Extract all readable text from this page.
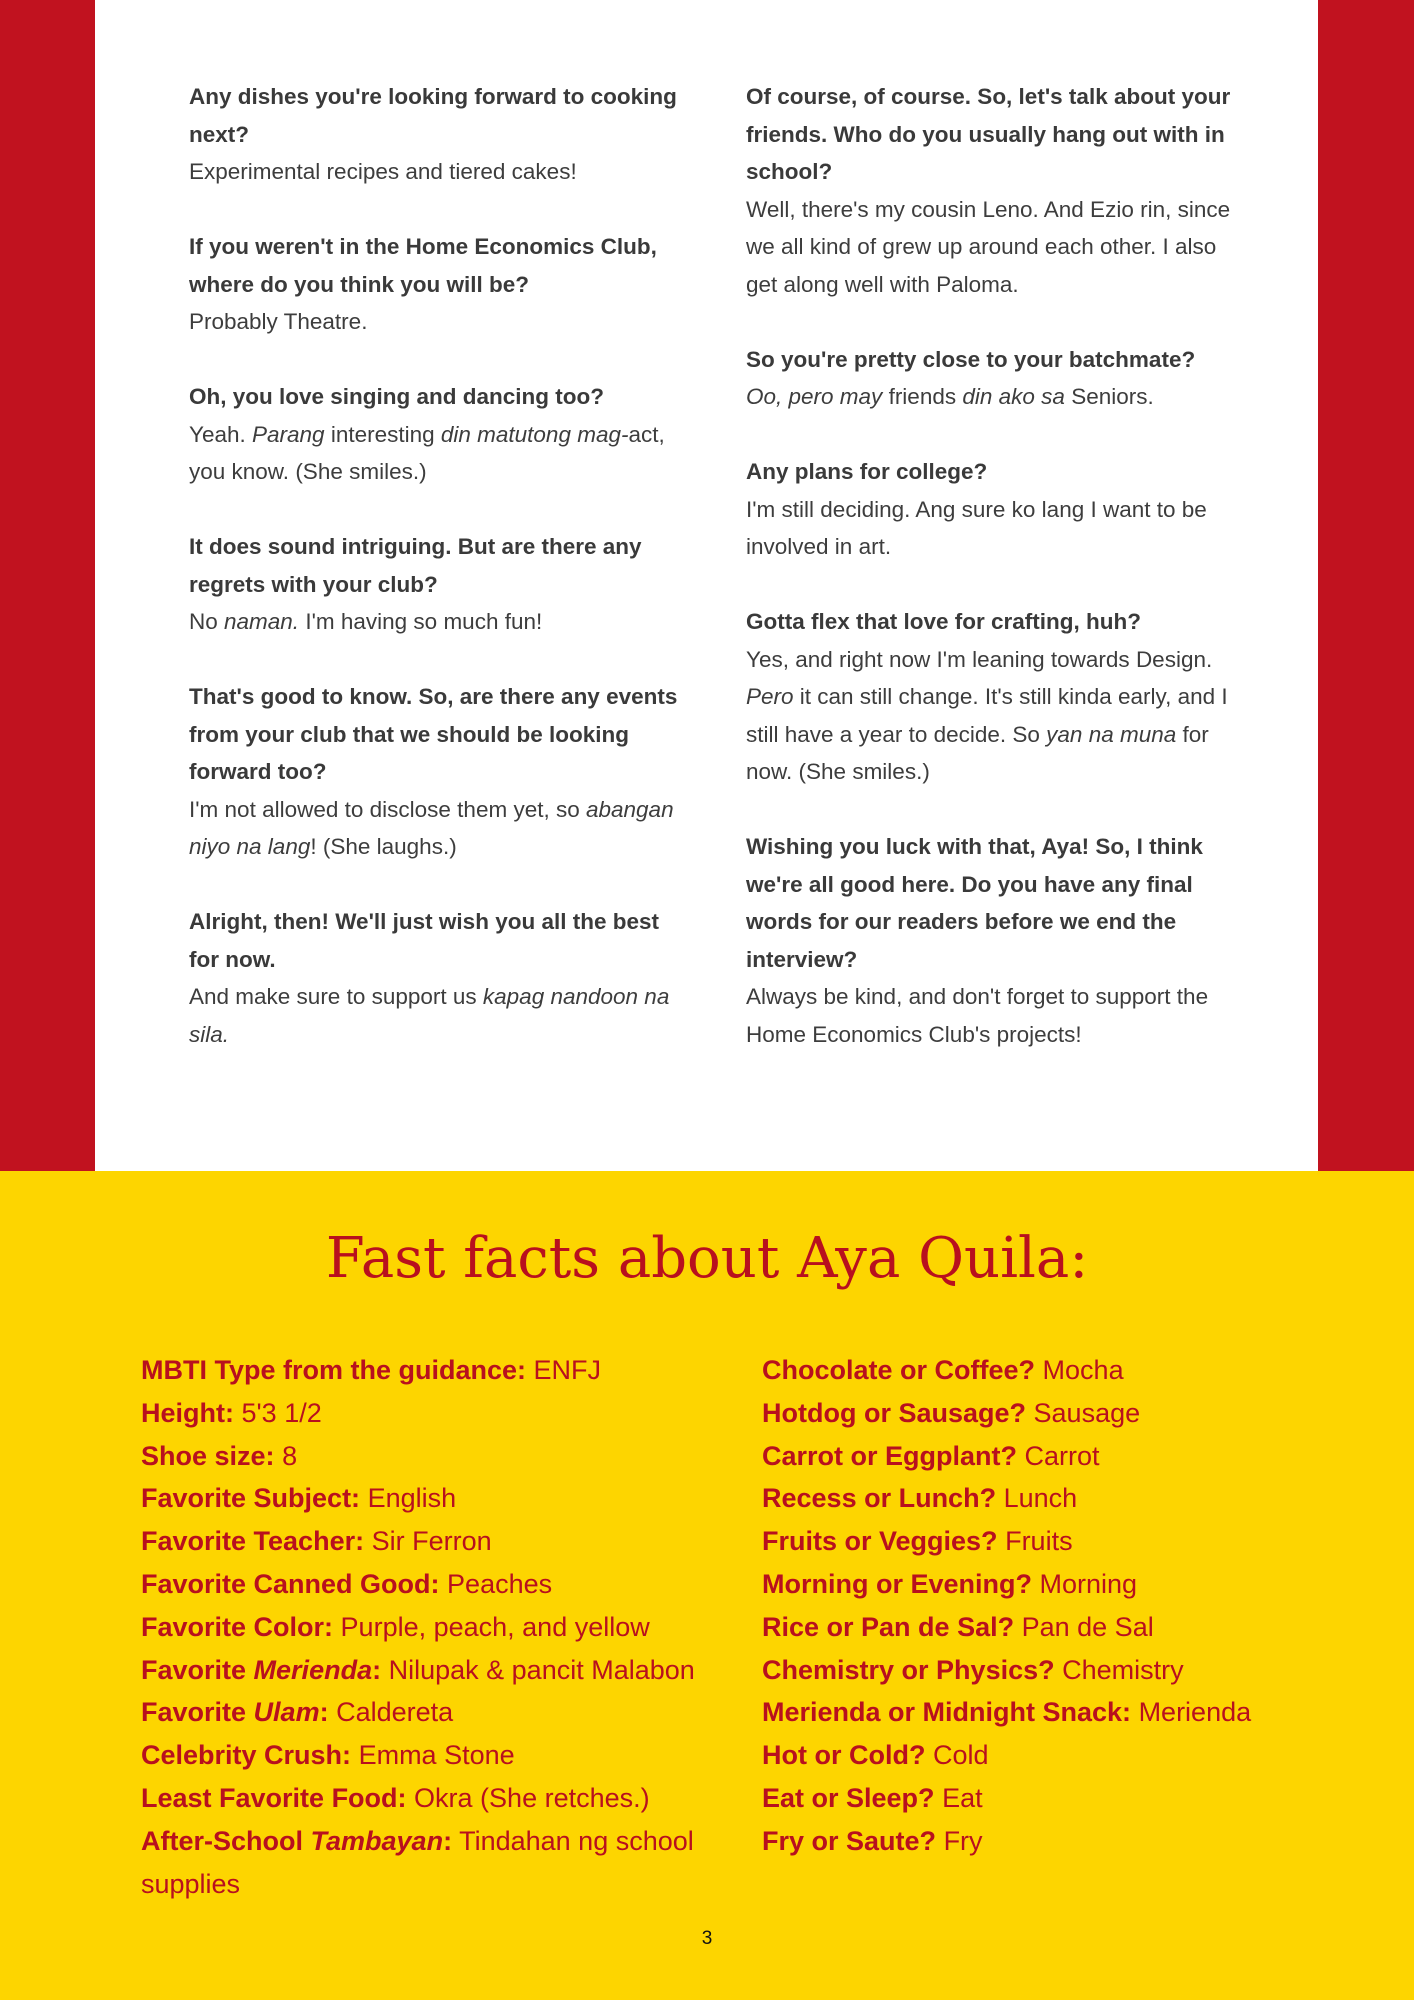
Any dishes you're looking forward to cooking next?
Experimental recipes and tiered cakes!
If you weren't in the Home Economics Club, where do you think you will be?
Probably Theatre.
Oh, you love singing and dancing too?
Yeah. Parang interesting din matutong mag-act, you know. (She smiles.)
It does sound intriguing. But are there any regrets with your club?
No naman. I'm having so much fun!
That's good to know. So, are there any events from your club that we should be looking forward too?
I'm not allowed to disclose them yet, so abangan niyo na lang! (She laughs.)
Alright, then! We'll just wish you all the best for now.
And make sure to support us kapag nandoon na sila.
Of course, of course. So, let's talk about your friends. Who do you usually hang out with in school?
Well, there's my cousin Leno. And Ezio rin, since we all kind of grew up around each other. I also get along well with Paloma.
So you're pretty close to your batchmate?
Oo, pero may friends din ako sa Seniors.
Any plans for college?
I'm still deciding. Ang sure ko lang I want to be involved in art.
Gotta flex that love for crafting, huh?
Yes, and right now I'm leaning towards Design. Pero it can still change. It's still kinda early, and I still have a year to decide. So yan na muna for now. (She smiles.)
Wishing you luck with that, Aya! So, I think we're all good here. Do you have any final words for our readers before we end the interview?
Always be kind, and don't forget to support the Home Economics Club's projects!
Fast facts about Aya Quila:
MBTI Type from the guidance: ENFJ
Height: 5'3 1/2
Shoe size: 8
Favorite Subject: English
Favorite Teacher: Sir Ferron
Favorite Canned Good: Peaches
Favorite Color: Purple, peach, and yellow
Favorite Merienda: Nilupak & pancit Malabon
Favorite Ulam: Caldereta
Celebrity Crush: Emma Stone
Least Favorite Food: Okra (She retches.)
After-School Tambayan: Tindahan ng school supplies
Chocolate or Coffee? Mocha
Hotdog or Sausage? Sausage
Carrot or Eggplant? Carrot
Recess or Lunch? Lunch
Fruits or Veggies? Fruits
Morning or Evening? Morning
Rice or Pan de Sal? Pan de Sal
Chemistry or Physics? Chemistry
Merienda or Midnight Snack: Merienda
Hot or Cold? Cold
Eat or Sleep? Eat
Fry or Saute? Fry
3
